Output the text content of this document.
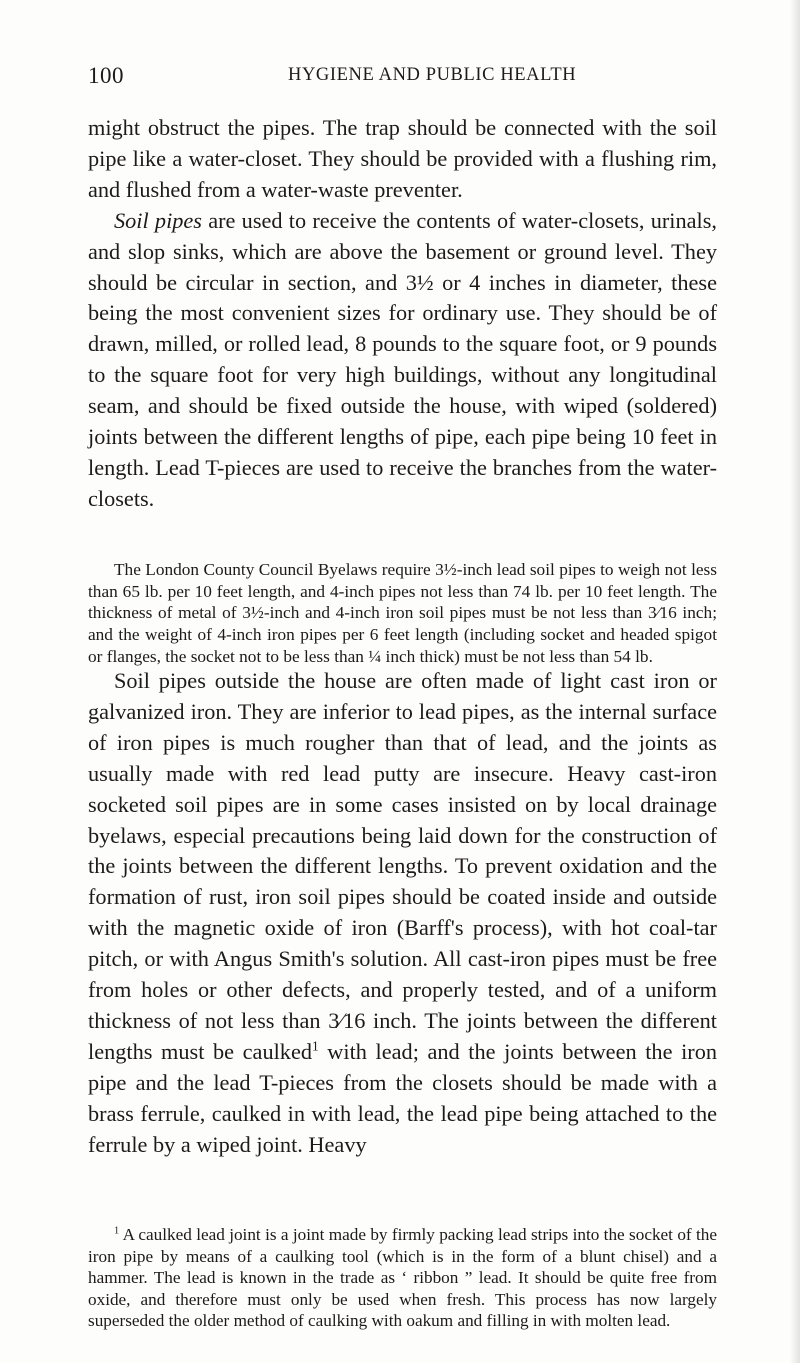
100	HYGIENE AND PUBLIC HEALTH

might obstruct the pipes. The trap should be connected with the soil pipe like a water-closet. They should be provided with a flushing rim, and flushed from a water-waste preventer.

Soil pipes are used to receive the contents of water-closets, urinals, and slop sinks, which are above the basement or ground level. They should be circular in section, and 3½ or 4 inches in diameter, these being the most convenient sizes for ordinary use. They should be of drawn, milled, or rolled lead, 8 pounds to the square foot, or 9 pounds to the square foot for very high buildings, without any longitudinal seam, and should be fixed outside the house, with wiped (soldered) joints between the different lengths of pipe, each pipe being 10 feet in length. Lead T-pieces are used to receive the branches from the water-closets.

The London County Council Byelaws require 3½-inch lead soil pipes to weigh not less than 65 lb. per 10 feet length, and 4-inch pipes not less than 74 lb. per 10 feet length. The thickness of metal of 3½-inch and 4-inch iron soil pipes must be not less than 3⁄16 inch; and the weight of 4-inch iron pipes per 6 feet length (including socket and headed spigot or flanges, the socket not to be less than ¼ inch thick) must be not less than 54 lb.

Soil pipes outside the house are often made of light cast iron or galvanized iron. They are inferior to lead pipes, as the internal surface of iron pipes is much rougher than that of lead, and the joints as usually made with red lead putty are insecure. Heavy cast-iron socketed soil pipes are in some cases insisted on by local drainage byelaws, especial precautions being laid down for the construction of the joints between the different lengths. To prevent oxidation and the formation of rust, iron soil pipes should be coated inside and outside with the magnetic oxide of iron (Barff's process), with hot coal-tar pitch, or with Angus Smith's solution. All cast-iron pipes must be free from holes or other defects, and properly tested, and of a uniform thickness of not less than 3⁄16 inch. The joints between the different lengths must be caulked$^1$ with lead; and the joints between the iron pipe and the lead T-pieces from the closets should be made with a brass ferrule, caulked in with lead, the lead pipe being attached to the ferrule by a wiped joint. Heavy

$^1$ A caulked lead joint is a joint made by firmly packing lead strips into the socket of the iron pipe by means of a caulking tool (which is in the form of a blunt chisel) and a hammer. The lead is known in the trade as ‘ ribbon ” lead. It should be quite free from oxide, and therefore must only be used when fresh. This process has now largely superseded the older method of caulking with oakum and filling in with molten lead.
